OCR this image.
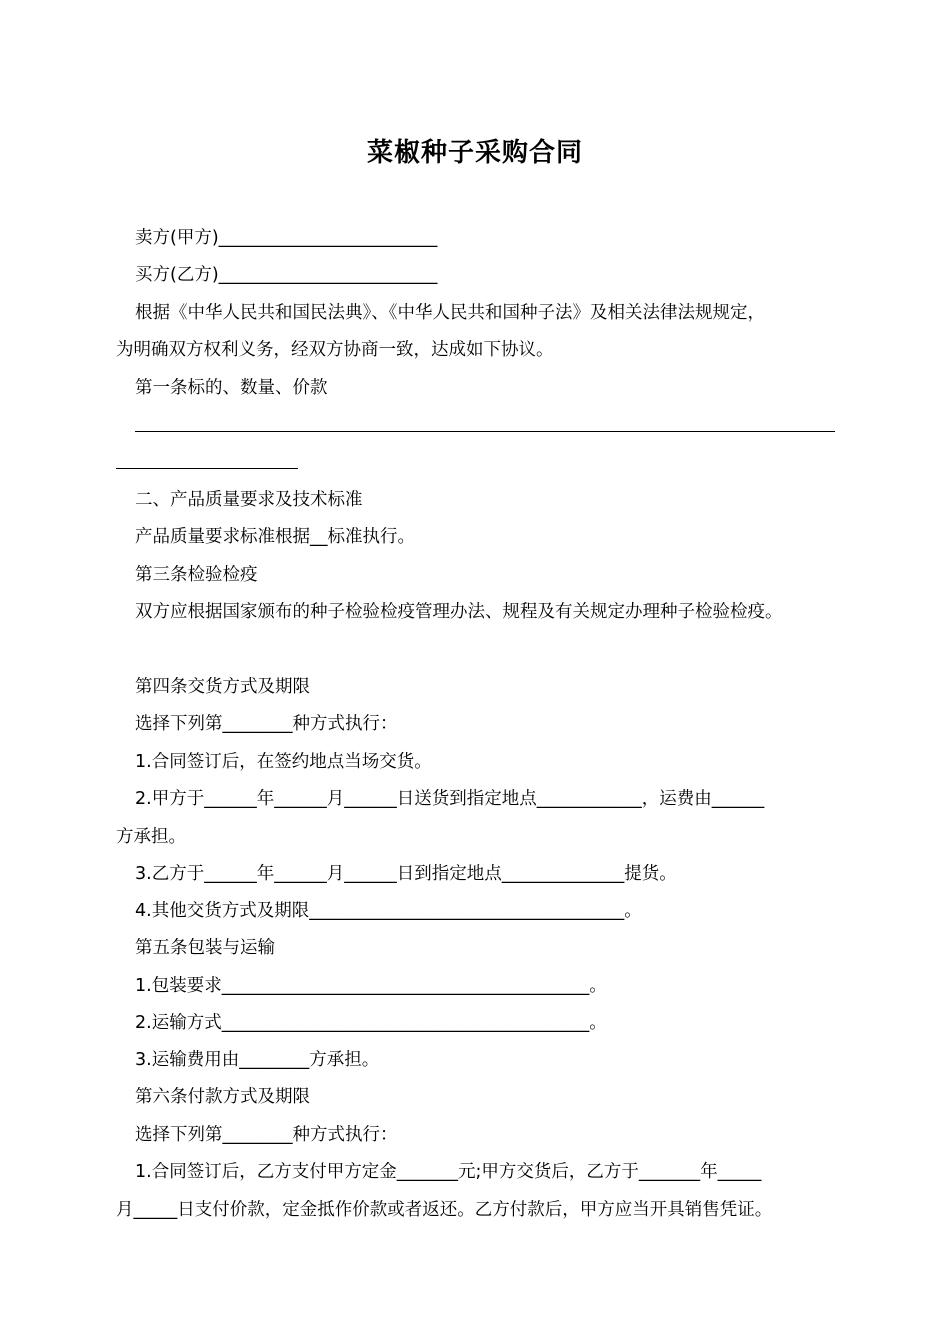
菜椒种子采购合同
卖方(甲方)_________________________
买方(乙方)_________________________
根据《中华人民共和国民法典》、《中华人民共和国种子法》及相关法律法规规定，
为明确双方权利义务，经双方协商一致，达成如下协议。
第一条标的、数量、价款
二、产品质量要求及技术标准
产品质量要求标准根据__标准执行。
第三条检验检疫
双方应根据国家颁布的种子检验检疫管理办法、规程及有关规定办理种子检验检疫。
第四条交货方式及期限
选择下列第________种方式执行：
1.合同签订后，在签约地点当场交货。
2.甲方于______年______月______日送货到指定地点____________，运费由______
方承担。
3.乙方于______年______月______日到指定地点______________提货。
4.其他交货方式及期限____________________________________。
第五条包装与运输
1.包装要求__________________________________________。
2.运输方式__________________________________________。
3.运输费用由________方承担。
第六条付款方式及期限
选择下列第________种方式执行：
1.合同签订后，乙方支付甲方定金_______元;甲方交货后，乙方于_______年_____
月_____日支付价款，定金抵作价款或者返还。乙方付款后，甲方应当开具销售凭证。
